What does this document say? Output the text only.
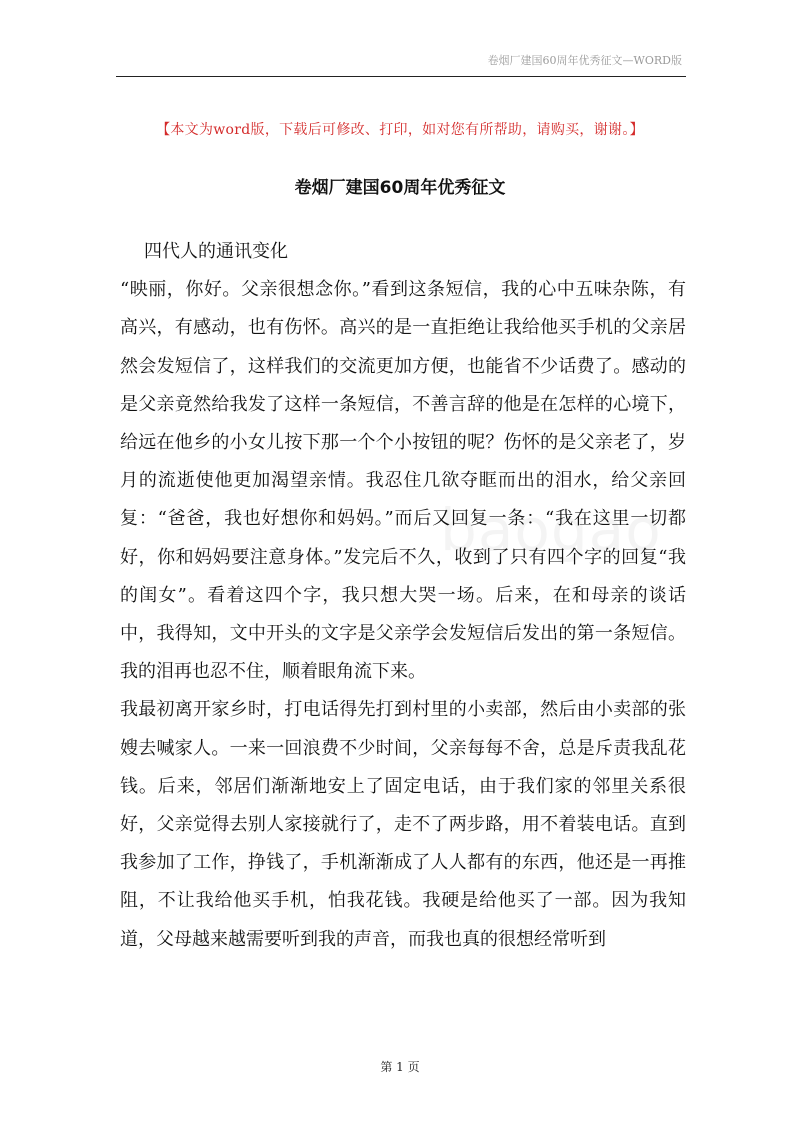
卷烟厂建国60周年优秀征文—WORD版
【本文为word版，下载后可修改、打印，如对您有所帮助，请购买，谢谢。】
卷烟厂建国60周年优秀征文

四代人的通讯变化

“映丽，你好。父亲很想念你。”看到这条短信，我的心中五味杂陈，有高兴，有感动，也有伤怀。高兴的是一直拒绝让我给他买手机的父亲居然会发短信了，这样我们的交流更加方便，也能省不少话费了。感动的是父亲竟然给我发了这样一条短信，不善言辞的他是在怎样的心境下，给远在他乡的小女儿按下那一个个小按钮的呢？伤怀的是父亲老了，岁月的流逝使他更加渴望亲情。我忍住几欲夺眶而出的泪水，给父亲回复：“爸爸，我也好想你和妈妈。”而后又回复一条：“我在这里一切都好，你和妈妈要注意身体。”发完后不久，收到了只有四个字的回复“我的闺女”。看着这四个字，我只想大哭一场。后来，在和母亲的谈话中，我得知，文中开头的文字是父亲学会发短信后发出的第一条短信。我的泪再也忍不住，顺着眼角流下来。

我最初离开家乡时，打电话得先打到村里的小卖部，然后由小卖部的张嫂去喊家人。一来一回浪费不少时间，父亲每每不舍，总是斥责我乱花钱。后来，邻居们渐渐地安上了固定电话，由于我们家的邻里关系很好，父亲觉得去别人家接就行了，走不了两步路，用不着装电话。直到我参加了工作，挣钱了，手机渐渐成了人人都有的东西，他还是一再推阻，不让我给他买手机，怕我花钱。我硬是给他买了一部。因为我知道，父母越来越需要听到我的声音，而我也真的很想经常听到

第 1 页
